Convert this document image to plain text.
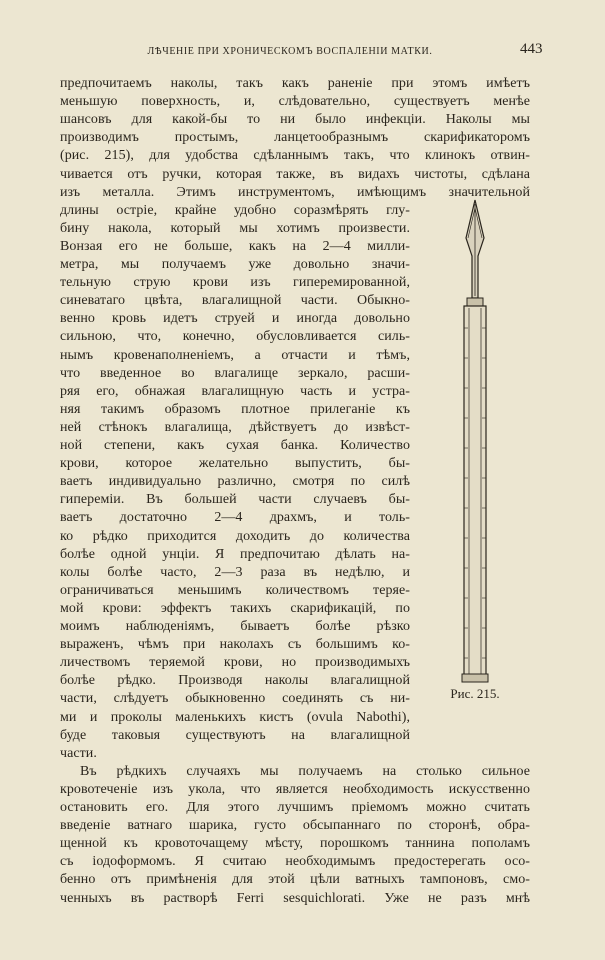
ЛѢЧЕНІЕ ПРИ ХРОНИЧЕСКОМЪ ВОСПАЛЕНІИ МАТКИ.	443
предпочитаемъ наколы, такъ какъ раненіе при этомъ имѣетъ
меньшую поверхность, и, слѣдовательно, существуетъ менѣе
шансовъ для какой-бы то ни было инфекціи. Наколы мы
производимъ простымъ, ланцетообразнымъ скарификаторомъ
(рис. 215), для удобства сдѣланнымъ такъ, что клинокъ отвин-
чивается отъ ручки, которая также, въ видахъ чистоты, сдѣлана
изъ металла. Этимъ инструментомъ, имѣющимъ значительной
длины остріе, крайне удобно соразмѣрять глу-
бину накола, который мы хотимъ произвести.
Вонзая его не больше, какъ на 2—4 милли-
метра, мы получаемъ уже довольно значи-
тельную струю крови изъ гиперемированной,
синеватаго цвѣта, влагалищной части. Обыкно-
венно кровь идетъ струей и иногда довольно
сильною, что, конечно, обусловливается силь-
нымъ кровенаполненіемъ, а отчасти и тѣмъ,
что введенное во влагалище зеркало, расши-
ряя его, обнажая влагалищную часть и устра-
няя такимъ образомъ плотное прилеганіе къ
ней стѣнокъ влагалища, дѣйствуетъ до извѣст-
ной степени, какъ сухая банка. Количество
крови, которое желательно выпустить, бы-
ваетъ индивидуально различно, смотря по силѣ
гипереміи. Въ большей части случаевъ бы-
ваетъ достаточно 2—4 драхмъ, и толь-
ко рѣдко приходится доходить до количества
болѣе одной унціи. Я предпочитаю дѣлать на-
колы болѣе часто, 2—3 раза въ недѣлю, и
ограничиваться меньшимъ количествомъ теряе-
мой крови: эффектъ такихъ скарификацій, по
моимъ наблюденіямъ, бываетъ болѣе рѣзко
выраженъ, чѣмъ при наколахъ съ большимъ ко-
личествомъ теряемой крови, но производимыхъ
болѣе рѣдко. Производя наколы влагалищной
части, слѣдуетъ обыкновенно соединять съ ни-
ми и проколы маленькихъ кистъ (ovula Nabothi),
буде таковыя существуютъ на влагалищной
части.
Въ рѣдкихъ случаяхъ мы получаемъ на столько сильное
кровотеченіе изъ укола, что является необходимость искусственно
остановить его. Для этого лучшимъ пріемомъ можно считать
введеніе ватнаго шарика, густо обсыпаннаго по сторонѣ, обра-
щенной къ кровоточащему мѣсту, порошкомъ таннина пополамъ
съ іодоформомъ. Я считаю необходимымъ предостерегать осо-
бенно отъ примѣненія для этой цѣли ватныхъ тампоновъ, смо-
ченныхъ въ растворѣ Ferri sesquichlorati. Уже не разъ мнѣ
Рис. 215.
